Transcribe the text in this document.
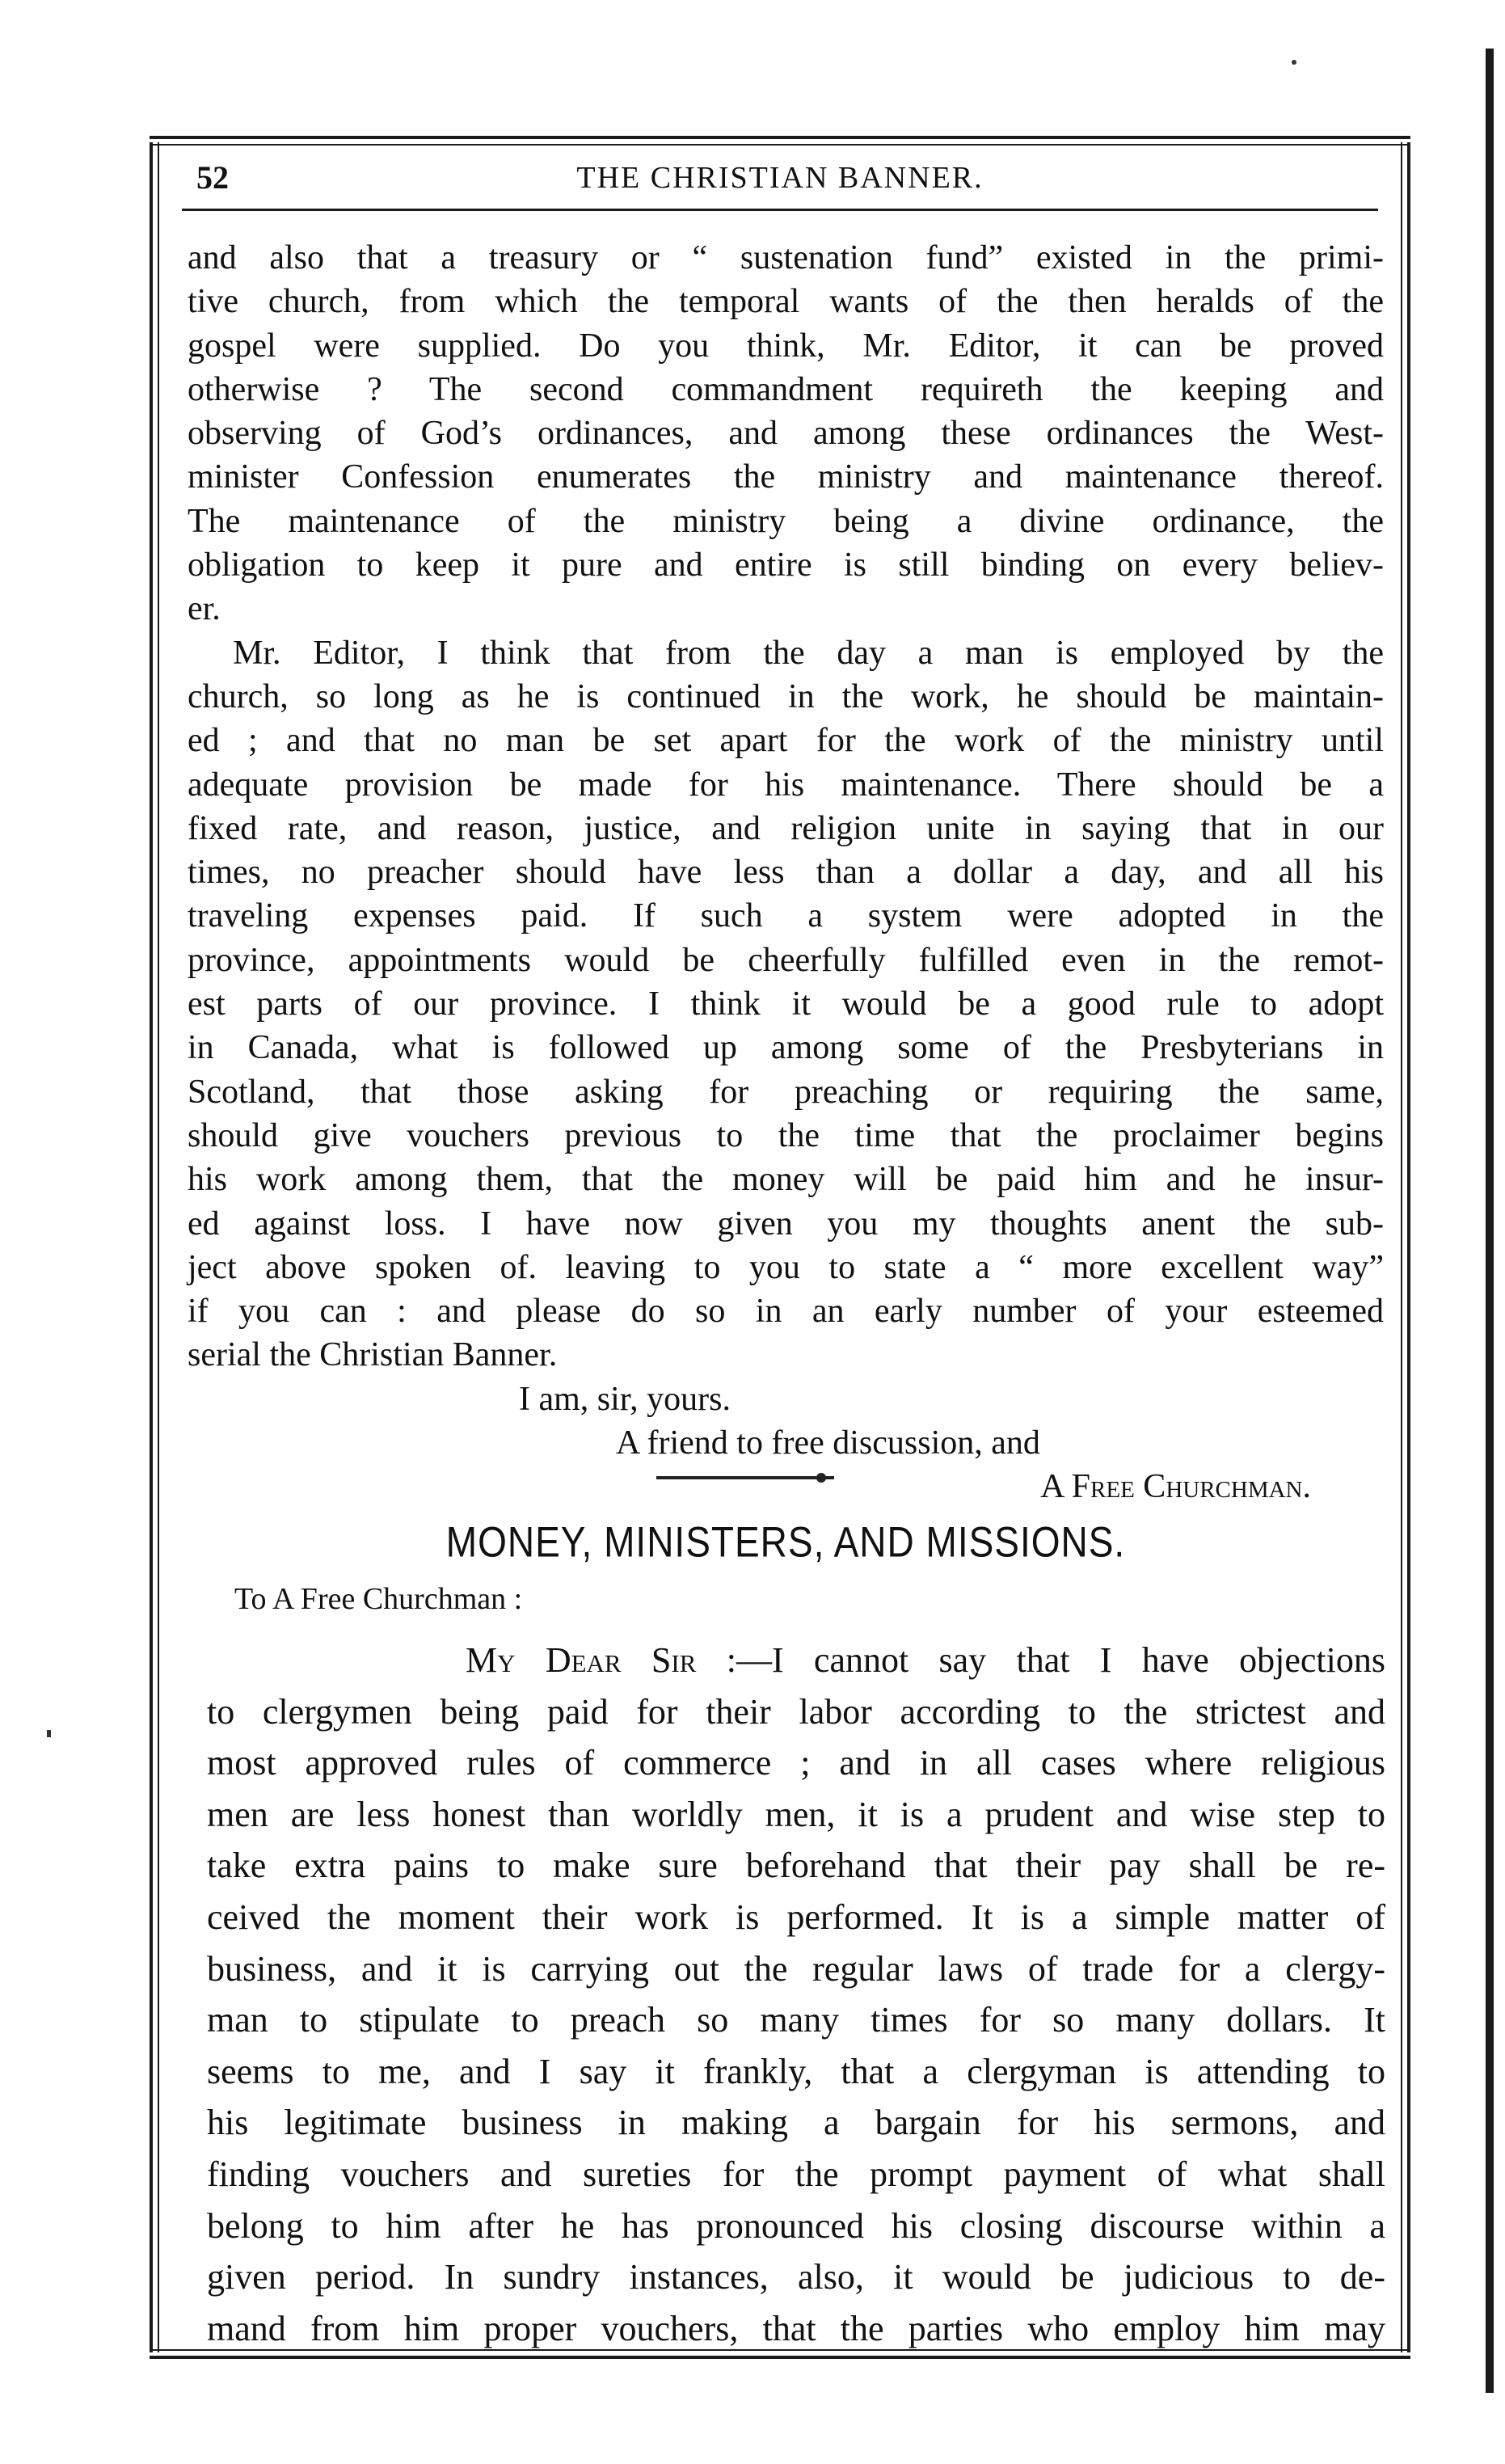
52	THE CHRISTIAN BANNER.
and also that a treasury or “ sustenation fund” existed in the primi-
tive church, from which the temporal wants of the then heralds of the
gospel were supplied. Do you think, Mr. Editor, it can be proved
otherwise ? The second commandment requireth the keeping and
observing of God’s ordinances, and among these ordinances the West-
minister Confession enumerates the ministry and maintenance thereof.
The maintenance of the ministry being a divine ordinance, the
obligation to keep it pure and entire is still binding on every believ-
er.
Mr. Editor, I think that from the day a man is employed by the
church, so long as he is continued in the work, he should be maintain-
ed ; and that no man be set apart for the work of the ministry until
adequate provision be made for his maintenance. There should be a
fixed rate, and reason, justice, and religion unite in saying that in our
times, no preacher should have less than a dollar a day, and all his
traveling expenses paid. If such a system were adopted in the
province, appointments would be cheerfully fulfilled even in the remot-
est parts of our province. I think it would be a good rule to adopt
in Canada, what is followed up among some of the Presbyterians in
Scotland, that those asking for preaching or requiring the same,
should give vouchers previous to the time that the proclaimer begins
his work among them, that the money will be paid him and he insur-
ed against loss. I have now given you my thoughts anent the sub-
ject above spoken of. leaving to you to state a “ more excellent way”
if you can : and please do so in an early number of your esteemed
serial the Christian Banner.
I am, sir, yours.
A friend to free discussion, and
A Free Churchman.
MONEY, MINISTERS, AND MISSIONS.
To A Free Churchman :
My Dear Sir :—I cannot say that I have objections
to clergymen being paid for their labor according to the strictest and
most approved rules of commerce ; and in all cases where religious
men are less honest than worldly men, it is a prudent and wise step to
take extra pains to make sure beforehand that their pay shall be re-
ceived the moment their work is performed. It is a simple matter of
business, and it is carrying out the regular laws of trade for a clergy-
man to stipulate to preach so many times for so many dollars. It
seems to me, and I say it frankly, that a clergyman is attending to
his legitimate business in making a bargain for his sermons, and
finding vouchers and sureties for the prompt payment of what shall
belong to him after he has pronounced his closing discourse within a
given period. In sundry instances, also, it would be judicious to de-
mand from him proper vouchers, that the parties who employ him may
